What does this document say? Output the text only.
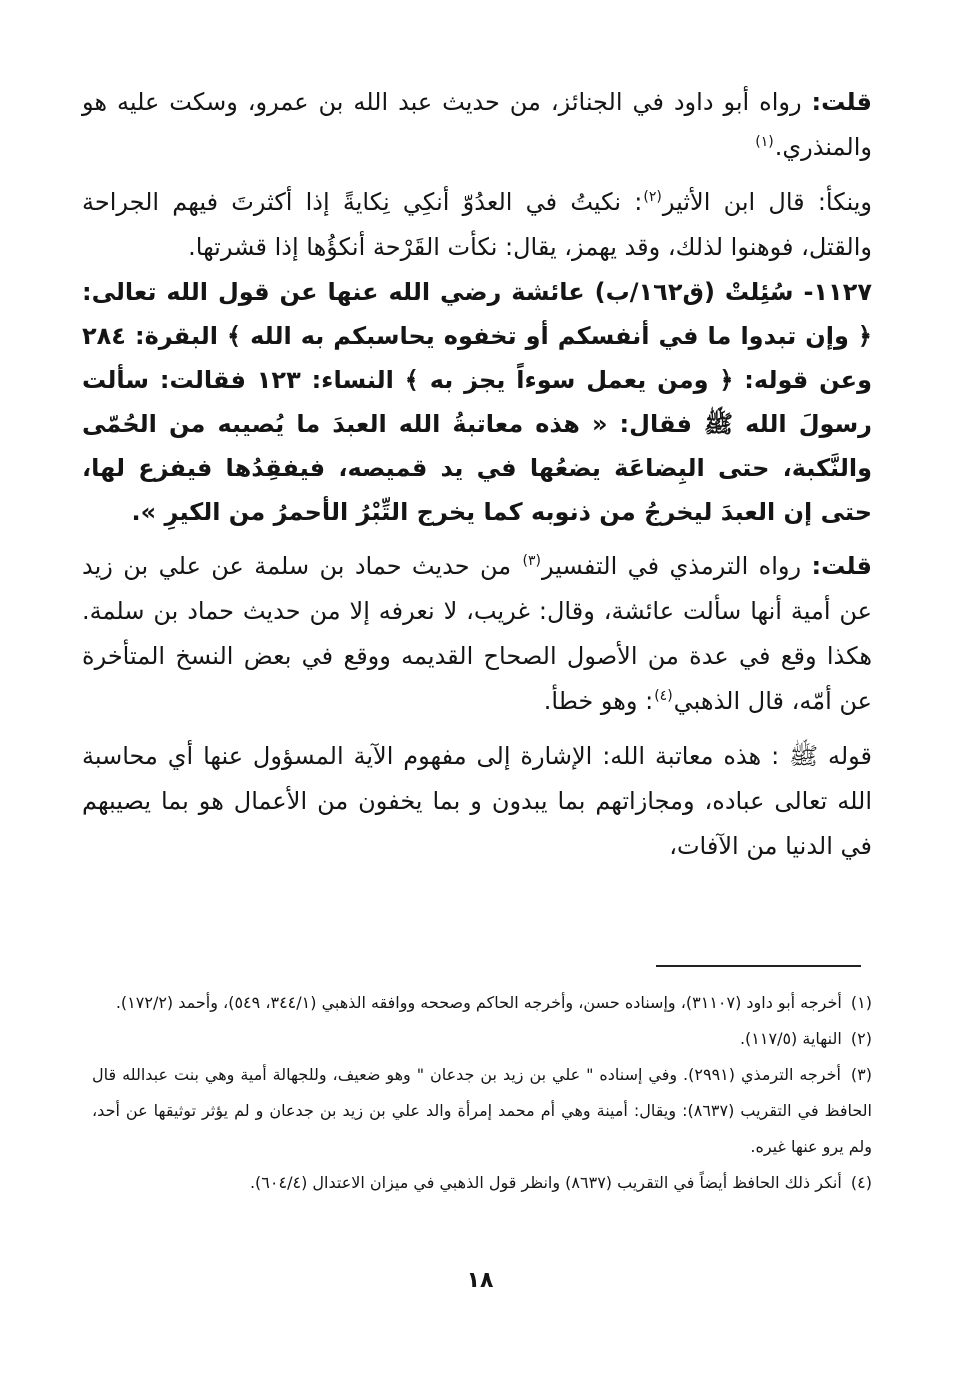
قلت: رواه أبو داود في الجنائز، من حديث عبد الله بن عمرو، وسكت عليه هو والمنذري.$^{(١)}$

وينكأ: قال ابن الأثير$^{(٢)}$: نكيتُ في العدُوّ أنكِي نِكايةً إذا أكثرتَ فيهم الجراحة والقتل، فوهنوا لذلك، وقد يهمز، يقال: نكأت القَرْحة أنكؤُها إذا قشرتها.

١١٢٧- سُئِلتْ (ق١٦٢/ب) عائشة رضي الله عنها عن قول الله تعالى: ﴿ وإن تبدوا ما في أنفسكم أو تخفوه يحاسبكم به الله ﴾ البقرة: ٢٨٤ وعن قوله: ﴿ ومن يعمل سوءاً يجز به ﴾ النساء: ١٢٣ فقالت: سألت رسولَ الله ﷺ فقال: « هذه معاتبةُ الله العبدَ ما يُصيبه من الحُمّى والنَّكبة، حتى البِضاعَة يضعُها في يد قميصه، فيفقِدُها فيفزع لها، حتى إن العبدَ ليخرجُ من ذنوبه كما يخرج التِّبْرُ الأحمرُ من الكيرِ ».

قلت: رواه الترمذي في التفسير$^{(٣)}$ من حديث حماد بن سلمة عن علي بن زيد عن أمية أنها سألت عائشة، وقال: غريب، لا نعرفه إلا من حديث حماد بن سلمة. هكذا وقع في عدة من الأصول الصحاح القديمه ووقع في بعض النسخ المتأخرة عن أمّه، قال الذهبي$^{(٤)}$: وهو خطأ.

قوله ﷺ : هذه معاتبة الله: الإشارة إلى مفهوم الآية المسؤول عنها أي محاسبة الله تعالى عباده، ومجازاتهم بما يبدون و بما يخفون من الأعمال هو بما يصيبهم في الدنيا من الآفات،

(١) أخرجه أبو داود (٣١١٠٧)، وإسناده حسن، وأخرجه الحاكم وصححه ووافقه الذهبي (٣٤٤/١، ٥٤٩)، وأحمد (١٧٢/٢).

(٢) النهاية (١١٧/٥).

(٣) أخرجه الترمذي (٢٩٩١). وفي إسناده " علي بن زيد بن جدعان " وهو ضعيف، وللجهالة أمية وهي بنت عبدالله قال الحافظ في التقريب (٨٦٣٧): ويقال: أمينة وهي أم محمد إمرأة والد علي بن زيد بن جدعان و لم يؤثر توثيقها عن أحد، ولم يرو عنها غيره.

(٤) أنكر ذلك الحافظ أيضاً في التقريب (٨٦٣٧) وانظر قول الذهبي في ميزان الاعتدال (٦٠٤/٤).

١٨
